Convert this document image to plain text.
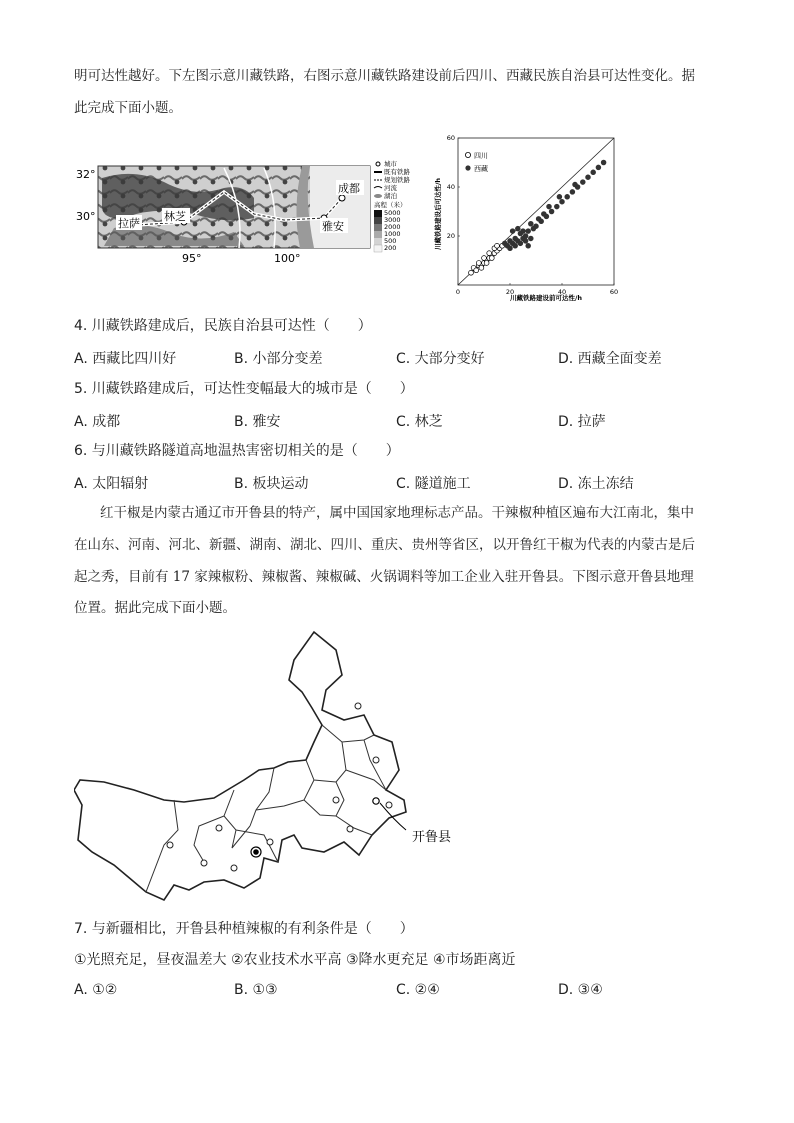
明可达性越好。下左图示意川藏铁路，右图示意川藏铁路建设前后四川、西藏民族自治县可达性变化。据
此完成下面小题。
拉萨
林芝
雅安
成都
32°
30°
95°	100°
城市
既有铁路
规划铁路
河流
湖泊
高程（米）
5000
3000
2000
1000
500
200
0	20	40	60
20
40
60
川藏铁路建设前可达性/h
川藏铁路建设后可达性/h
四川
西藏
4. 川藏铁路建成后，民族自治县可达性（　　）
A. 西藏比四川好	B. 小部分变差	C. 大部分变好	D. 西藏全面变差
5. 川藏铁路建成后，可达性变幅最大的城市是（　　）
A. 成都	B. 雅安	C. 林芝	D. 拉萨
6. 与川藏铁路隧道高地温热害密切相关的是（　　）
A. 太阳辐射	B. 板块运动	C. 隧道施工	D. 冻土冻结
红干椒是内蒙古通辽市开鲁县的特产，属中国国家地理标志产品。干辣椒种植区遍布大江南北，集中
在山东、河南、河北、新疆、湖南、湖北、四川、重庆、贵州等省区，以开鲁红干椒为代表的内蒙古是后
起之秀，目前有 17 家辣椒粉、辣椒酱、辣椒碱、火锅调料等加工企业入驻开鲁县。下图示意开鲁县地理
位置。据此完成下面小题。
开鲁县
7. 与新疆相比，开鲁县种植辣椒的有利条件是（　　）
①光照充足，昼夜温差大 ②农业技术水平高 ③降水更充足 ④市场距离近
A. ①②	B. ①③	C. ②④	D. ③④
